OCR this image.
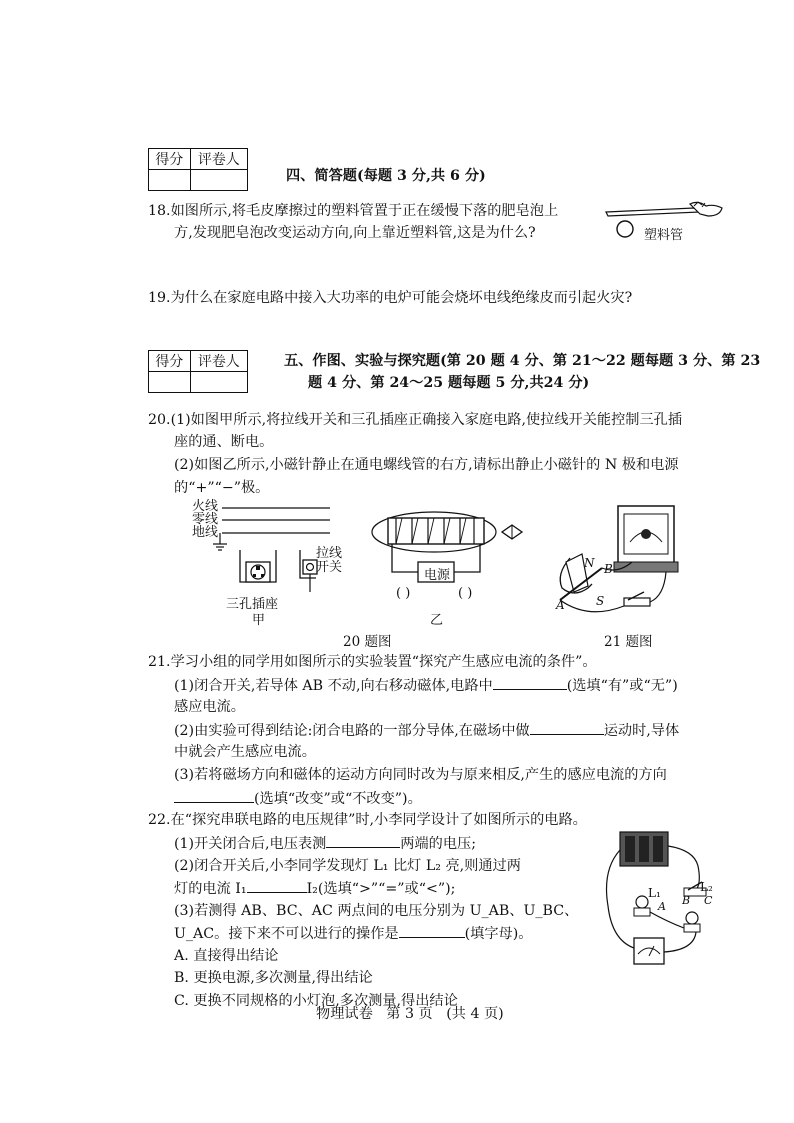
得分	评卷人

四、简答题(每题 3 分,共 6 分)
18.如图所示,将毛皮摩擦过的塑料管置于正在缓慢下落的肥皂泡上
方,发现肥皂泡改变运动方向,向上靠近塑料管,这是为什么?	塑料管
19.为什么在家庭电路中接入大功率的电炉可能会烧坏电线绝缘皮而引起火灾?
得分	评卷人
		五、作图、实验与探究题(第 20 题 4 分、第 21～22 题每题 3 分、第 23
题 4 分、第 24～25 题每题 5 分,共24 分)
20.(1)如图甲所示,将拉线开关和三孔插座正确接入家庭电路,使拉线开关能控制三孔插
座的通、断电。
(2)如图乙所示,小磁针静止在通电螺线管的右方,请标出静止小磁针的 N 极和电源
的“+”“−”极。
火线
零线
地线
拉线
开关
三孔插座
甲
电源
( )	( )
乙
N B
A	S
20 题图	21 题图
21.学习小组的同学用如图所示的实验装置“探究产生感应电流的条件”。
(1)闭合开关,若导体 AB 不动,向右移动磁体,电路中	(选填“有”或“无”)
感应电流。
(2)由实验可得到结论:闭合电路的一部分导体,在磁场中做	运动时,导体
中就会产生感应电流。
(3)若将磁场方向和磁体的运动方向同时改为与原来相反,产生的感应电流的方向
(选填“改变”或“不改变”)。
22.在“探究串联电路的电压规律”时,小李同学设计了如图所示的电路。
(1)开关闭合后,电压表测	两端的电压;
(2)闭合开关后,小李同学发现灯 L₁ 比灯 L₂ 亮,则通过两
灯的电流 I₁	I₂(选填“>”“=”或“<”);
(3)若测得 AB、BC、AC 两点间的电压分别为 U_AB、U_BC、
U_AC。接下来不可以进行的操作是	(填字母)。
A. 直接得出结论
B. 更换电源,多次测量,得出结论
C. 更换不同规格的小灯泡,多次测量,得出结论
L₁	L₂
A B C
物理试卷   第 3 页   (共 4 页)
